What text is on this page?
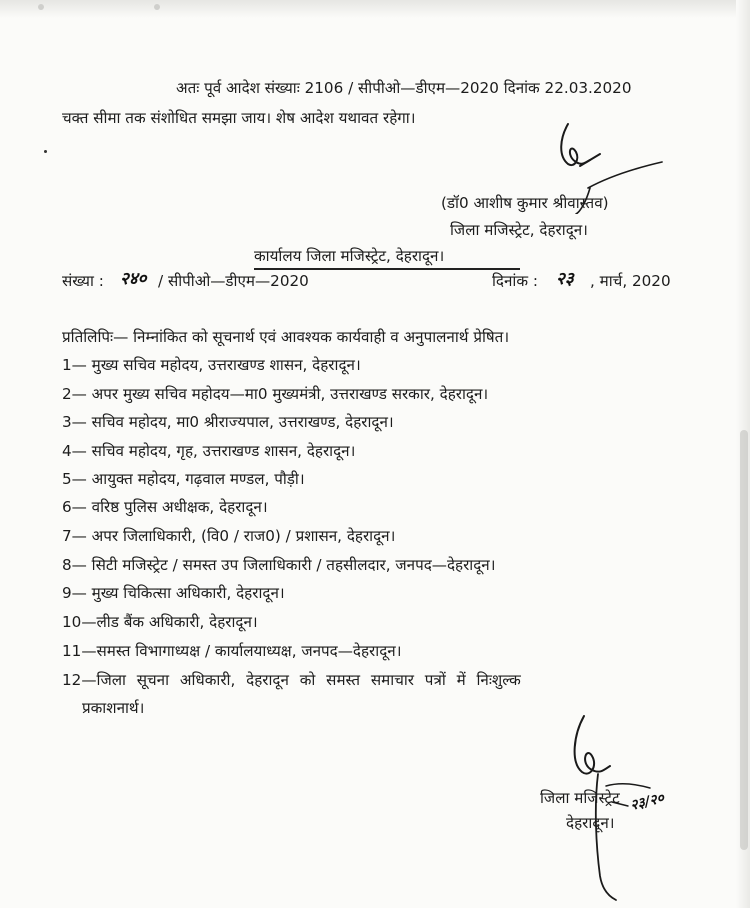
अतः पूर्व आदेश संख्याः 2106 / सीपीओ—डीएम—2020 दिनांक 22.03.2020
चक्त सीमा तक संशोधित समझा जाय। शेष आदेश यथावत रहेगा।
(डॉ0 आशीष कुमार श्रीवास्तव)
जिला मजिस्ट्रेट, देहरादून।
कार्यालय जिला मजिस्ट्रेट, देहरादून।
संख्या : २४० / सीपीओ—डीएम—2020	दिनांक : २३ , मार्च, 2020
प्रतिलिपिः— निम्नांकित को सूचनार्थ एवं आवश्यक कार्यवाही व अनुपालनार्थ प्रेषित।
1— मुख्य सचिव महोदय, उत्तराखण्ड शासन, देहरादून।
2— अपर मुख्य सचिव महोदय—मा0 मुख्यमंत्री, उत्तराखण्ड सरकार, देहरादून।
3— सचिव महोदय, मा0 श्रीराज्यपाल, उत्तराखण्ड, देहरादून।
4— सचिव महोदय, गृह, उत्तराखण्ड शासन, देहरादून।
5— आयुक्त महोदय, गढ़वाल मण्डल, पौड़ी।
6— वरिष्ठ पुलिस अधीक्षक, देहरादून।
7— अपर जिलाधिकारी, (वि0 / राज0) / प्रशासन, देहरादून।
8— सिटी मजिस्ट्रेट / समस्त उप जिलाधिकारी / तहसीलदार, जनपद—देहरादून।
9— मुख्य चिकित्सा अधिकारी, देहरादून।
10—लीड बैंक अधिकारी, देहरादून।
11—समस्त विभागाध्यक्ष / कार्यालयाध्यक्ष, जनपद—देहरादून।
12—जिला सूचना अधिकारी, देहरादून को समस्त समाचार पत्रों में निःशुल्क
प्रकाशनार्थ।
जिला मजिस्ट्रेट
देहरादून।
२३/२०
